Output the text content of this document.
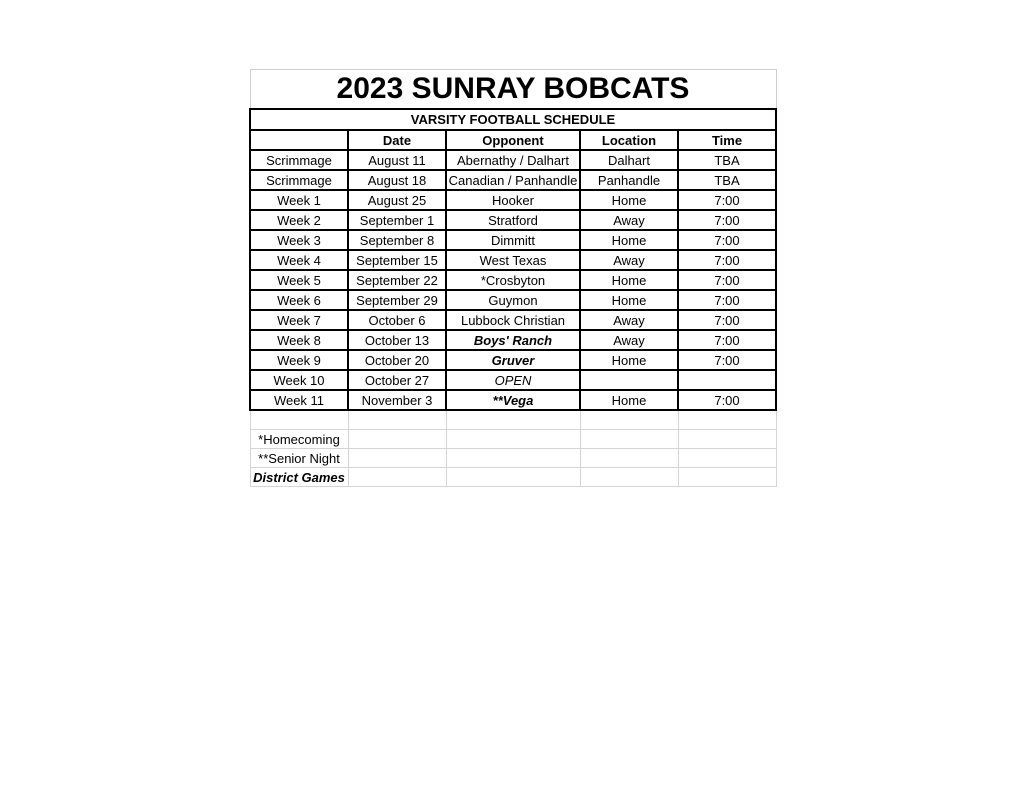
2023 SUNRAY BOBCATS				
VARSITY FOOTBALL SCHEDULE				
	Date	Opponent	Location	Time
Scrimmage	August 11	Abernathy / Dalhart	Dalhart	TBA
Scrimmage	August 18	Canadian / Panhandle	Panhandle	TBA
Week 1	August 25	Hooker	Home	7:00
Week 2	September 1	Stratford	Away	7:00
Week 3	September 8	Dimmitt	Home	7:00
Week 4	September 15	West Texas	Away	7:00
Week 5	September 22	*Crosbyton	Home	7:00
Week 6	September 29	Guymon	Home	7:00
Week 7	October 6	Lubbock Christian	Away	7:00
Week 8	October 13	Boys' Ranch	Away	7:00
Week 9	October 20	Gruver	Home	7:00
Week 10	October 27	OPEN		
Week 11	November 3	**Vega	Home	7:00

*Homecoming				
**Senior Night				
District Games				
